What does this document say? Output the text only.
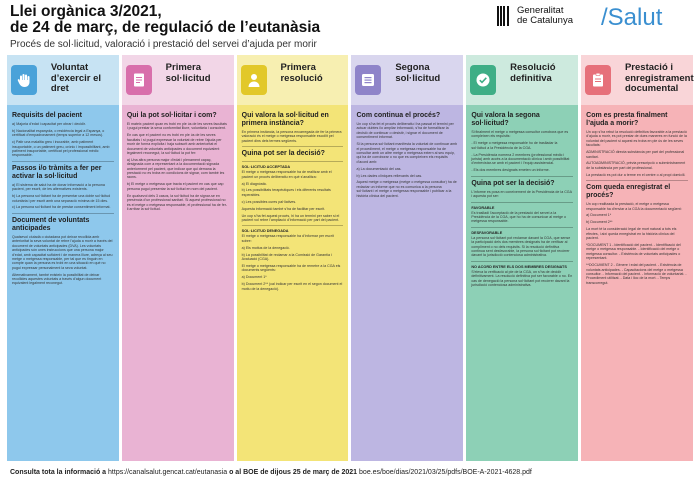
Llei orgànica 3/2021,
de 24 de març, de regulació de l’eutanàsia

Procés de sol·licitud, valoració i prestació del servei d’ajuda per morir

Generalitat
de Catalunya /Salut
Voluntat d’exercir el dret
Requisits del pacient

a) Majoria d’edat i capacitat per obrar i decidir.

b) Nacionalitat espanyola, o residència legal a Espanya, o certificat d’empadronament (temps superior a 12 mesos).

c) Patir una malaltia greu i incurable, amb patiment insuportable, o un patiment greu, crònic i impossibilitant, amb patiment insuportable, certificat pel professional mèdic responsable.

Passos i/o tràmits a fer per activar la sol·licitud

a) El sistema de salut ha de donar informació a la persona pacient, per escrit, de les alternatives existents.

b) La persona sol·licitant ha de presentar una doble sol·licitud voluntària i per escrit amb una separació mínima de 15 dies.

c) La persona sol·licitant ha de prestar consentiment informat.

Document de voluntats anticipades

Qualsevol ciutadà o ciutadana pot deixar recollida amb anterioritat la seva voluntat de rebre l’ajuda a morir a través del document de voluntats anticipades (DVA). Les voluntats anticipades són unes instruccions que una persona major d’edat, amb capacitat suficient i de manera lliure, adreça al seu metge o metgessa responsable, per tal que es tinguin en compte quan la persona es trobi en una situació en què no pugui expressar personalment la seva voluntat.

Alternativament, també existeix la possibilitat de deixar recollides aquestes voluntats a través d’algun document equivalent legalment reconegut.

Primera sol·licitud
Qui la pot sol·licitar i com?

El mateix pacient quan es trobi en ple ús de les seves facultats i pugui prestar la seva conformitat lliure, voluntària i conscient.

En cas que el pacient no es trobi en ple ús de les seves facultats i si pugui expressar la voluntat de rebre l’ajuda per morir de forma explícita i haja subscrit amb anterioritat el document de voluntats anticipades o document equivalent legalment reconegut, la sol·licitud la pot fer:

a) Una altra persona major d’edat i plenament capaç, designada com a representant a la documentació signada anteriorment pel pacient, que indicar que qui demana la prestació no es troba en condicions de signar, com també les raons.

b) El metge o metgessa que tracta el pacient en cas que cap persona pugui presentar la sol·licitud en nom del pacient.

En qualsevol dels 3 casos, la sol·licitud ha de signar-se en presència d’un professional sanitari. Si aquest professional no és el metge o metgessa responsable, el professional ha de fer-li arribar la sol·licitud.

Primera resolució
Qui valora la sol·licitud en primera instància?

En primera instància, la persona encarregada de fer la primera valoració és el metge o metgessa responsable escollit pel pacient dins dels termes següents.

Quina pot ser la decisió?
SOL·LICITUD ACCEPTADA

El metge o metgessa responsable ha de realitzar amb el pacient un procés deliberatiu en què s’analitza:

a) El diagnòstic.

b) Les possibilitats terapèutiques i els diferents resultats esperables.

c) Les possibles cures pal·liatives.

Aquesta informació també s’ha de facilitar per escrit.

Un cop s’ha fet aquest procés, hi ha un termini per saber si el pacient vol rebre l’ampliació d’informació per part del pacient.

SOL·LICITUD DENEGADA

El metge o metgessa responsable ha d’informar per escrit sobre:

a) Els motius de la denegació.

b) La possibilitat de reclamar a la Comissió de Garantia i Avaluació (CGA).

El metge o metgessa responsable ha de remetre a la CGA els documents següents:

a) Document 1*

b) Document 2** (cal indicar per escrit en el segon document el motiu de la denegació).

Segona sol·licitud
Com continua el procés?

Un cop s’ha fet el procés deliberatiu i ha passat el termini per actuar dubtes i/o ampliar informació, s’ha de formalitzar la decisió de continuar o desistir, i signar el document de consentiment informat.

Si la persona sol·licitant manifesta la voluntat de continuar amb el procediment, el metge o metgessa responsable ha de consultar amb un altre metge o metgessa extern al seu equip, qui ha de corroborar o no que es compleixen els requisits d’acord amb:

a) La documentació del cas.

b) Les dades clíniques rellevants del cas.

Aquest metge o metgessa (metge o metgessa consultor) ha de redactar un informe que no es comunica a la persona sol·licitant i el metge o metgessa responsable i publicar a la història clínica del pacient.

Resolució definitiva
Qui valora la segona sol·licitud?

Si finalment el metge o metgessa consultor corrobora que es compleixen els requisits:

- El metge o metgessa responsable ho de traslladar la sol·licitud a la Presidència de la CGA.

- La Presidència nomena 2 membres (professional mèdic i jurista) amb accés a la documentació clínica i amb possibilitat d’entrevistar-se amb el pacient i l’equip assistencial.

- Els dos membres designats emeten un informe.

Quina pot ser la decisió?

L’informe es posa en coneixement de la Presidència de la CGA i aquesta pot ser:

FAVORABLE

Es traslladi l’acceptació de la prestació del servei a la Presidència de la CGA, que ho ha de comunicar al metge o metgessa responsable.

DESFAVORABLE

La persona sol·licitant pot reclamar davant la CGA, que sense la participació dels dos membres designats ha de verificar al compliment o no dels requisits. Si la resolució definitiva continua sent desfavorable, la persona sol·licitant pot recórrer davant la jurisdicció contenciosa administrativa.

NO ACORD ENTRE ELS DOS MEMBRES DESIGNATS

S’eleva la verificació al ple de la CGA, on s’ha de decidir definitivament. La resolució definitiva pot ser favorable o no. En cas de denegació la persona sol·licitant pot recórrer davant la jurisdicció contenciosa administrativa.

Prestació i enregistrament documental
Com es presta finalment l’ajuda a morir?

Un cop s’ha rebut la resolució definitiva favorable a la prestació d’ajuda a morir, es pot prestar de dues maneres en funció de la voluntat del pacient si aquest es troba en ple ús de les seves facultats:

ADMINISTRACIÓ directa substància per part del professional sanitari.

AUTOADMINISTRACIÓ, prèvia prescripció o subministrament de la substància per part del professional.

La prestació es pot dur a terme en el centre o al propi domicili.

Com queda enregistrat el procés?

Un cop realitzada la prestació, el metge o metgessa responsable ha d’enviar a la CGA la documentació següent:

a) Document 1*

b) Document 2**

La mort té la consideració legal de mort natural a tots els efectes, i així queda enregistrat en la història clínica del pacient.

*DOCUMENT 1 - Identificació del pacient. - Identificació del metge o metgessa responsable. - Identificació del metge o metgessa consultor. - Existència de voluntats anticipades o representant.

**DOCUMENT 2 - Gènere i edat del pacient. - Existència de voluntats anticipades. - Capacitacions del metge o metgessa consultor. - Informació del pacient. - Informació de voluntariat. - Procediment utilitzat. - Data i lloc de la mort. - Temps transcorregut.

Consulta tota la informació a https://canalsalut.gencat.cat/eutanasia o al BOE de dijous 25 de març de 2021 boe.es/boe/dias/2021/03/25/pdfs/BOE-A-2021-4628.pdf
